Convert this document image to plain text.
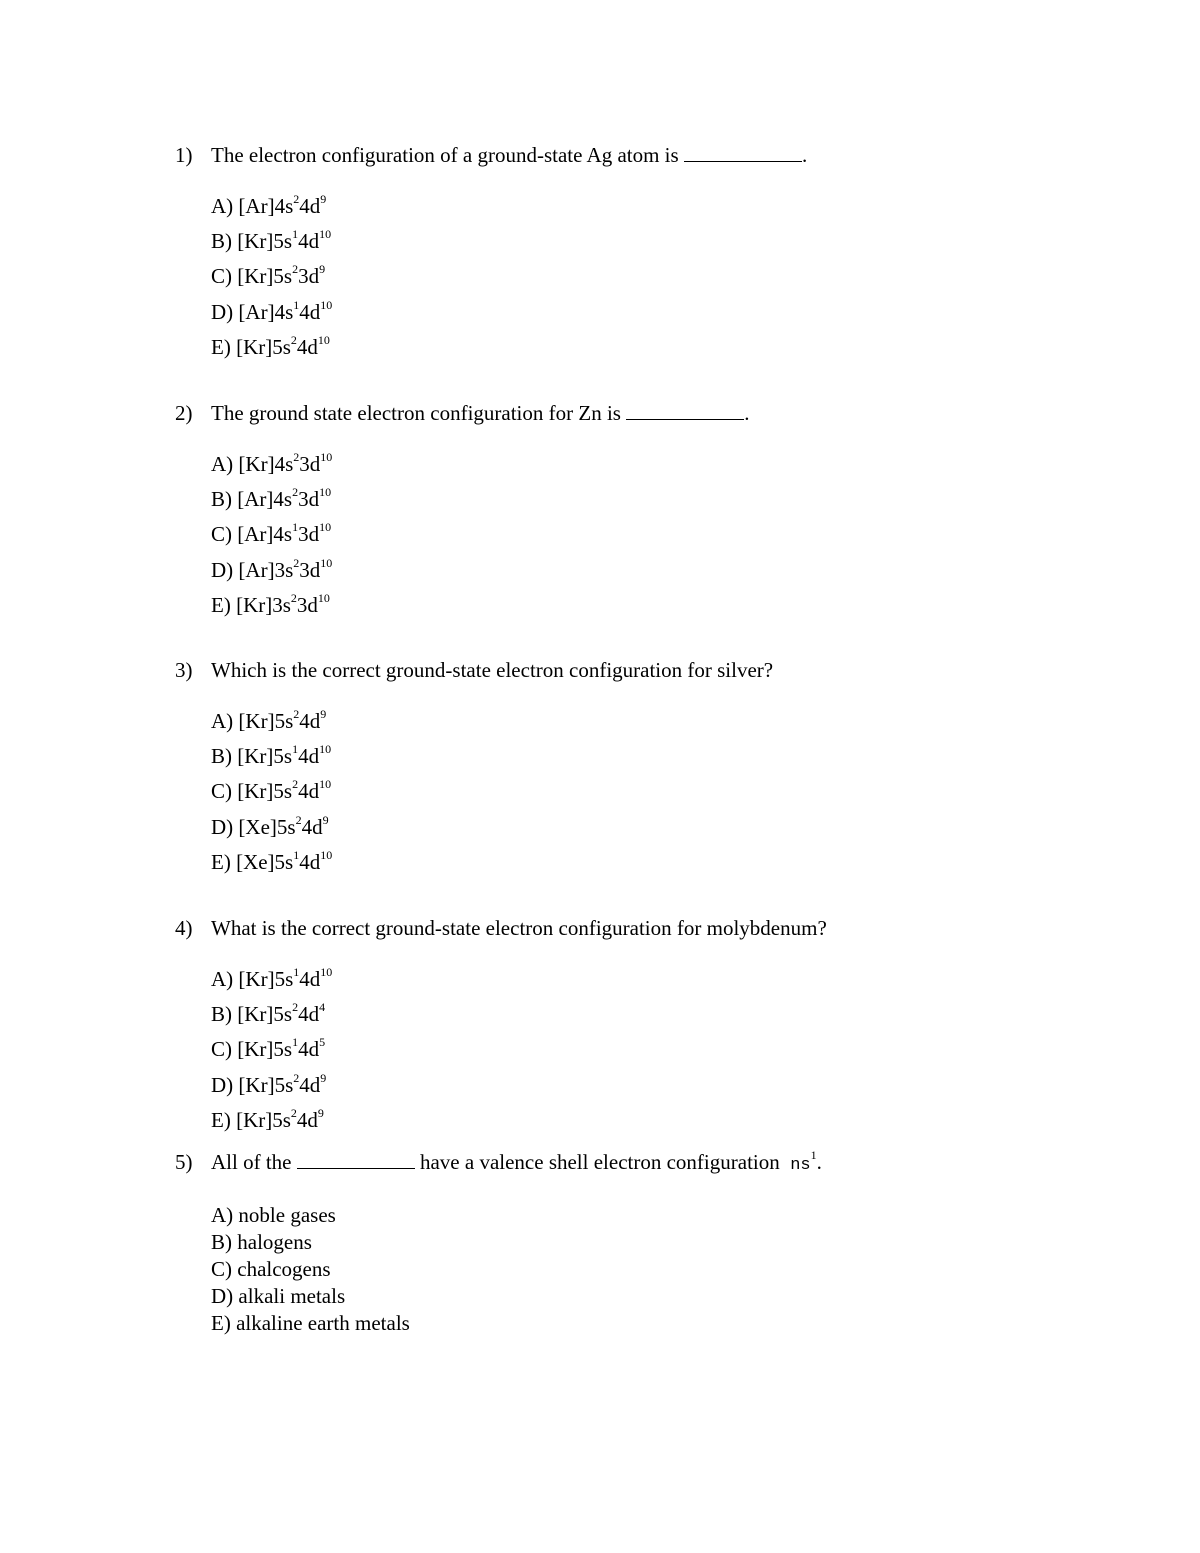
1) The electron configuration of a ground-state Ag atom is	.
A) $[Ar]4s^24d^9$
B) $[Kr]5s^14d^{10}$
C) $[Kr]5s^23d^9$
D) $[Ar]4s^14d^{10}$
E) $[Kr]5s^24d^{10}$
2) The ground state electron configuration for Zn is	.
A) $[Kr]4s^23d^{10}$
B) $[Ar]4s^23d^{10}$
C) $[Ar]4s^13d^{10}$
D) $[Ar]3s^23d^{10}$
E) $[Kr]3s^23d^{10}$
3) Which is the correct ground-state electron configuration for silver?
A) $[Kr]5s^24d^9$
B) $[Kr]5s^14d^{10}$
C) $[Kr]5s^24d^{10}$
D) $[Xe]5s^24d^9$
E) $[Xe]5s^14d^{10}$
4) What is the correct ground-state electron configuration for molybdenum?
A) $[Kr]5s^14d^{10}$
B) $[Kr]5s^24d^4$
C) $[Kr]5s^14d^5$
D) $[Kr]5s^24d^9$
E) $[Kr]5s^24d^9$
5) All of the	have a valence shell electron configuration $ns^1$.
A) noble gases
B) halogens
C) chalcogens
D) alkali metals
E) alkaline earth metals
